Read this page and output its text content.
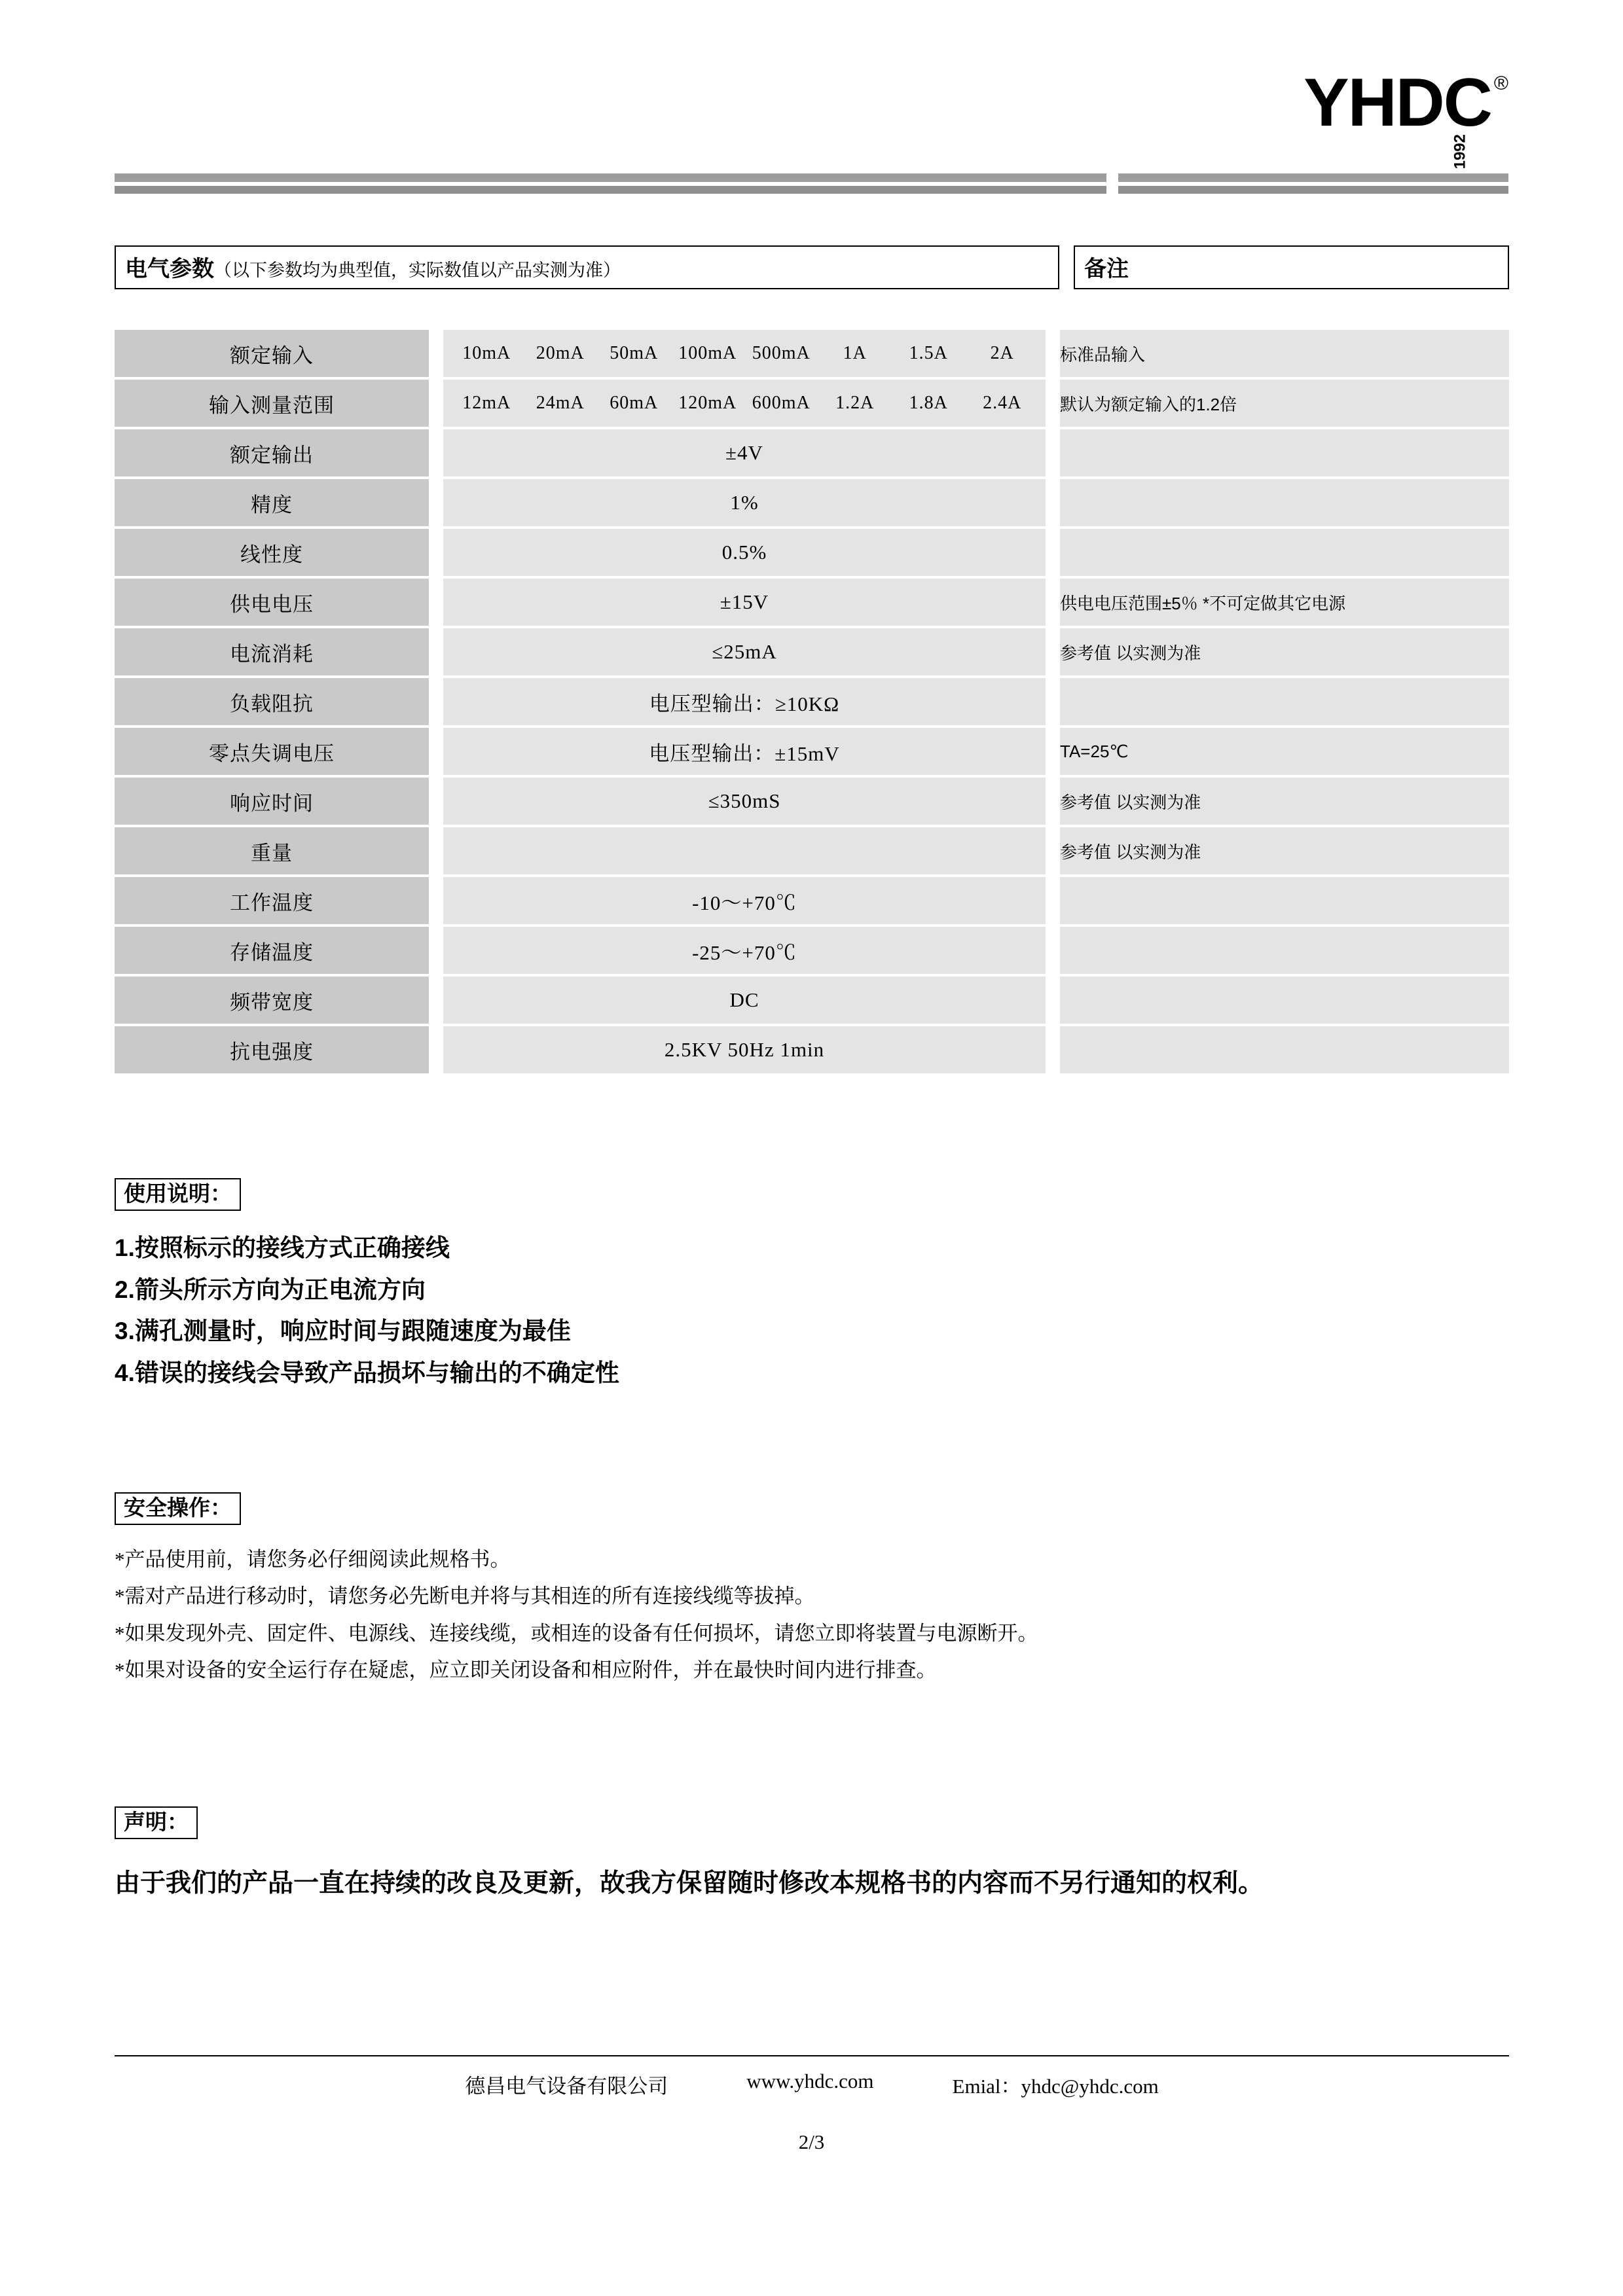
YHDC
1992
®
电气参数（以下参数均为典型值，实际数值以产品实测为准）	备注
额定输入		10mA	20mA	50mA	100mA 500mA	1A	1.5A	2A		标准品输入
输入测量范围		12mA	24mA	60mA	120mA 600mA	1.2A	1.8A	2.4A		默认为额定输入的1.2倍
额定输出		±4V		
精度		1%		
线性度		0.5%		
供电电压		±15V		供电电压范围±5％ *不可定做其它电源
电流消耗		≤25mA		参考值 以实测为准
负载阻抗		电压型输出：≥10KΩ		
零点失调电压		电压型输出：±15mV		TA=25℃
响应时间		≤350mS		参考值 以实测为准
重量				参考值 以实测为准
工作温度		-10～+70℃		
存储温度		-25～+70℃		
频带宽度		DC		
抗电强度		2.5KV 50Hz 1min		
使用说明：
1.按照标示的接线方式正确接线
2.箭头所示方向为正电流方向
3.满孔测量时，响应时间与跟随速度为最佳
4.错误的接线会导致产品损坏与输出的不确定性
安全操作：
*产品使用前，请您务必仔细阅读此规格书。
*需对产品进行移动时，请您务必先断电并将与其相连的所有连接线缆等拔掉。
*如果发现外壳、固定件、电源线、连接线缆，或相连的设备有任何损坏，请您立即将装置与电源断开。
*如果对设备的安全运行存在疑虑，应立即关闭设备和相应附件，并在最快时间内进行排查。
声明：
由于我们的产品一直在持续的改良及更新，故我方保留随时修改本规格书的内容而不另行通知的权利。
德昌电气设备有限公司	www.yhdc.com	Emial：yhdc@yhdc.com
2/3
